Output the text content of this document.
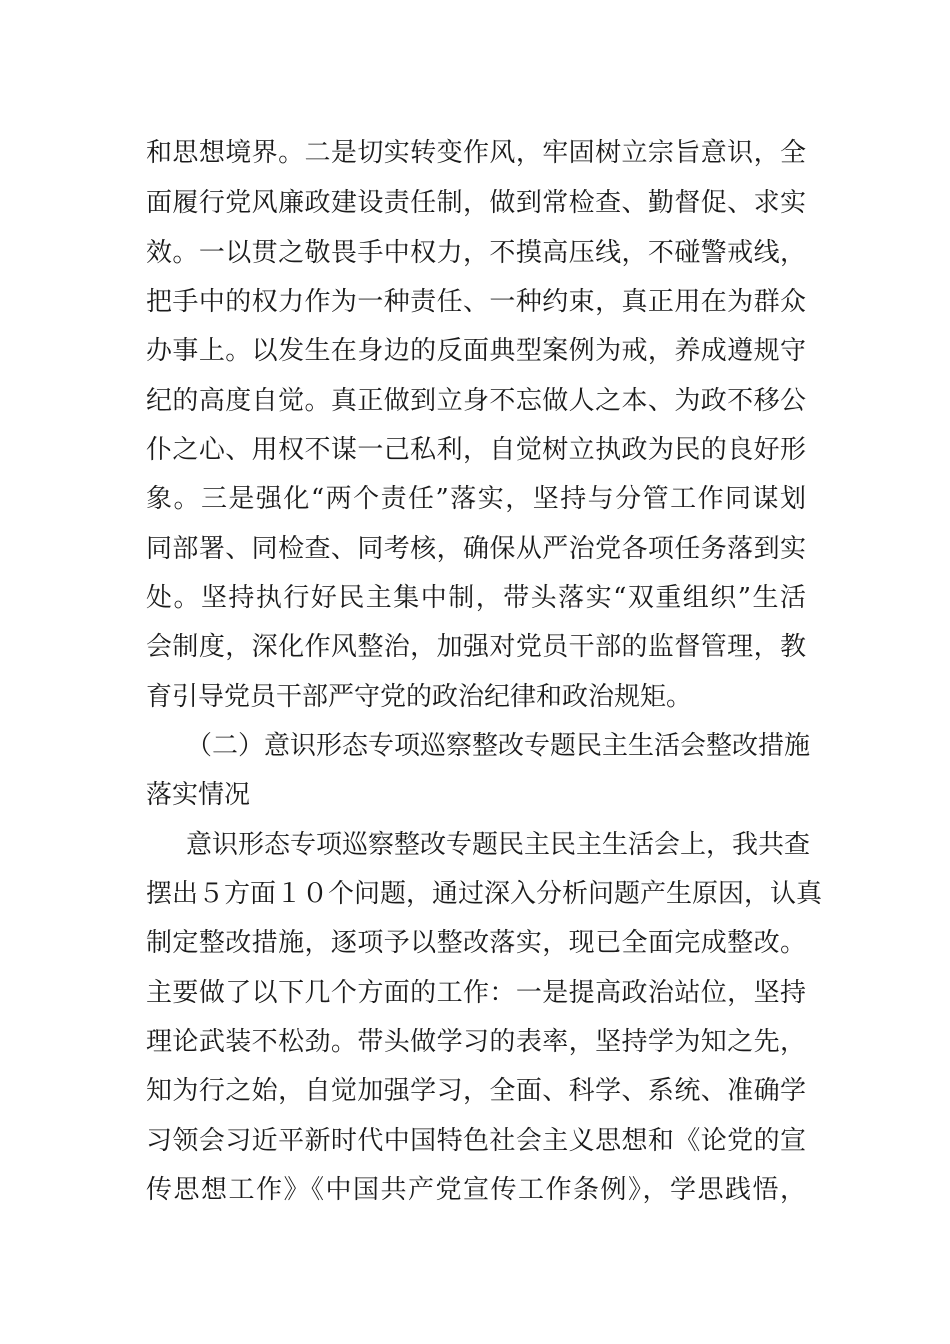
和思想境界。二是切实转变作风，牢固树立宗旨意识，全
面履行党风廉政建设责任制，做到常检查、勤督促、求实
效。一以贯之敬畏手中权力，不摸高压线，不碰警戒线，
把手中的权力作为一种责任、一种约束，真正用在为群众
办事上。以发生在身边的反面典型案例为戒，养成遵规守
纪的高度自觉。真正做到立身不忘做人之本、为政不移公
仆之心、用权不谋一己私利，自觉树立执政为民的良好形
象。三是强化“两个责任”落实，坚持与分管工作同谋划
同部署、同检查、同考核，确保从严治党各项任务落到实
处。坚持执行好民主集中制，带头落实“双重组织”生活
会制度，深化作风整治，加强对党员干部的监督管理，教
育引导党员干部严守党的政治纪律和政治规矩。
（二）意识形态专项巡察整改专题民主生活会整改措施
落实情况
意识形态专项巡察整改专题民主民主生活会上，我共查
摆出５方面１０个问题，通过深入分析问题产生原因，认真
制定整改措施，逐项予以整改落实，现已全面完成整改。
主要做了以下几个方面的工作：一是提高政治站位，坚持
理论武装不松劲。带头做学习的表率，坚持学为知之先，
知为行之始，自觉加强学习，全面、科学、系统、准确学
习领会习近平新时代中国特色社会主义思想和《论党的宣
传思想工作》《中国共产党宣传工作条例》，学思践悟，
